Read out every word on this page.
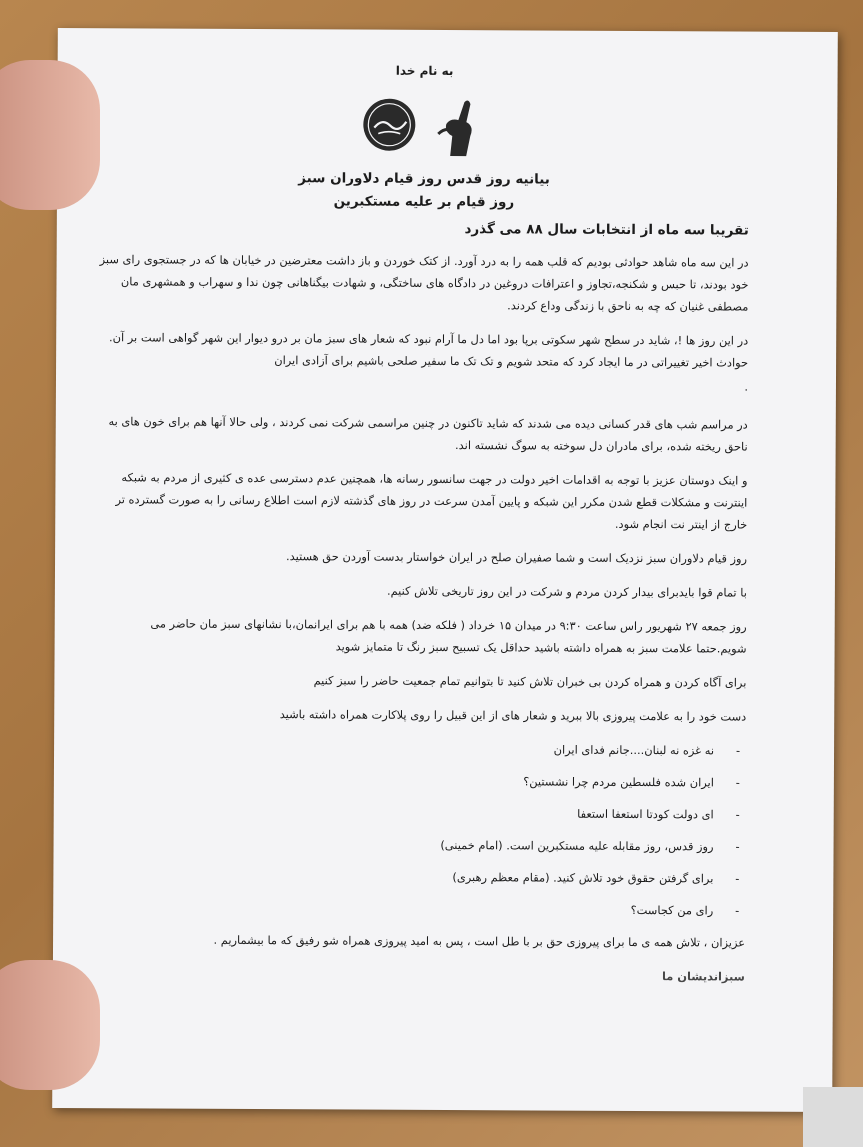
به نام خدا
بیانیه روز قدس روز قیام دلاوران سبز
روز قیام بر علیه مستکبرین
تقریبا سه ماه از انتخابات سال ۸۸ می گذرد

در این سه ماه شاهد حوادثی بودیم که قلب همه را به درد آورد. از کتک خوردن و باز داشت معترضین در خیابان ها که در جستجوی رای سبز خود بودند، تا حبس و شکنجه،تجاوز و اعترافات دروغین در دادگاه های ساختگی، و شهادت بیگناهانی چون ندا و سهراب و همشهری مان مصطفی غنیان که چه به ناحق با زندگی وداع کردند.

در این روز ها !، شاید در سطح شهر سکوتی برپا بود اما دل ما آرام نبود که شعار های سبز مان بر درو دیوار این شهر گواهی است بر آن. حوادث اخیر تغییراتی در ما ایجاد کرد که متحد شویم و تک تک ما سفیر صلحی باشیم برای آزادی ایران

.

در مراسم شب های قدر کسانی دیده می شدند که شاید تاکنون در چنین مراسمی شرکت نمی کردند ، ولی حالا آنها هم برای خون های به ناحق ریخته شده، برای مادران دل سوخته به سوگ نشسته اند.

و اینک دوستان عزیز با توجه به اقدامات اخیر دولت در جهت سانسور رسانه ها، همچنین عدم دسترسی عده ی کثیری از مردم به شبکه اینترنت و مشکلات قطع شدن مکرر این شبکه و پایین آمدن سرعت در روز های گذشته لازم است اطلاع رسانی را به صورت گسترده تر خارج از اینتر نت انجام شود.

روز قیام دلاوران سبز نزدیک است و شما صفیران صلح در ایران خواستار بدست آوردن حق هستید.

با تمام قوا بایدبرای بیدار کردن مردم و شرکت در این روز تاریخی تلاش کنیم.

روز جمعه ۲۷ شهریور راس ساعت ۹:۳۰ در میدان ۱۵ خرداد ( فلکه ضد) همه با هم برای ایرانمان،با نشانهای سبز مان حاضر می شویم.حتما علامت سبز به همراه داشته باشید حداقل یک تسبیح سبز رنگ تا متمایز شوید

برای آگاه کردن و همراه کردن بی خبران تلاش کنید تا بتوانیم تمام جمعیت حاضر را سبز کنیم

دست خود را به علامت پیروزی بالا ببرید و شعار های از این قبیل را روی پلاکارت همراه داشته باشید

-
نه غزه نه لبنان....جانم فدای ایران
-
ایران شده فلسطین مردم چرا نشستین؟
-
ای دولت کودتا استعفا استعفا
-
روز قدس، روز مقابله علیه مستکبرین است. (امام خمینی)
-
برای گرفتن حقوق خود تلاش کنید. (مقام معظم رهبری)
-
رای من کجاست؟

عزیزان ، تلاش همه ی ما برای پیروزی حق بر با طل است ، پس به امید پیروزی همراه شو رفیق که ما بیشماریم .

سبزاندیشان ما
